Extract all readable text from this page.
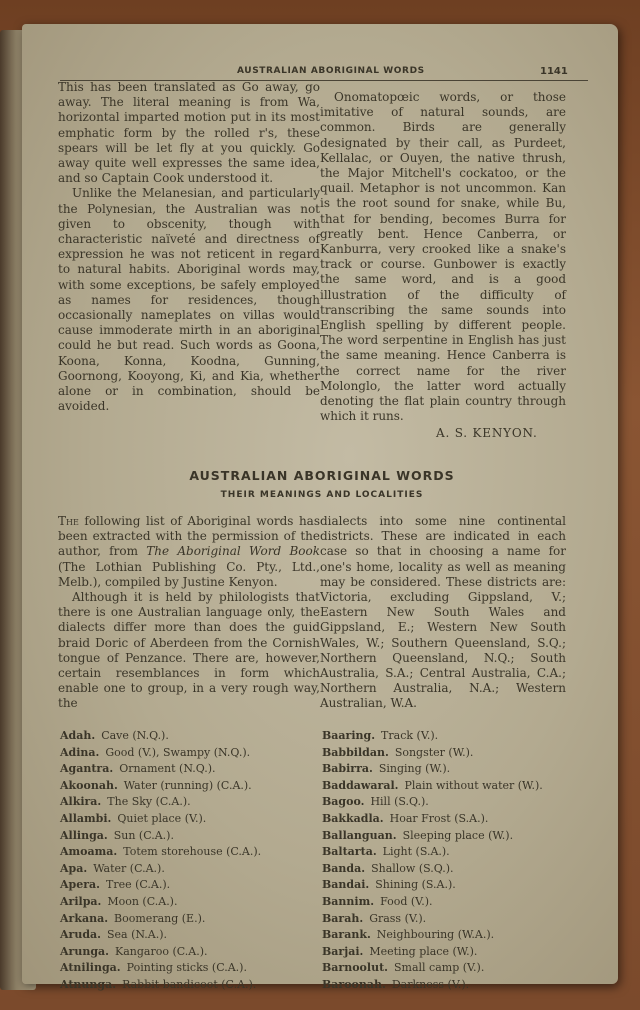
AUSTRALIAN ABORIGINAL WORDS	1141

This has been translated as Go away, go away. The literal meaning is from Wa, horizontal imparted motion put in its most emphatic form by the rolled r's, these spears will be let fly at you quickly. Go away quite well expresses the same idea, and so Captain Cook understood it.

Unlike the Melanesian, and particularly the Polynesian, the Australian was not given to obscenity, though with characteristic naïveté and directness of expression he was not reticent in regard to natural habits. Aboriginal words may, with some exceptions, be safely employed as names for residences, though occasionally nameplates on villas would cause immoderate mirth in an aboriginal could he but read. Such words as Goona, Koona, Konna, Koodna, Gunning, Goornong, Kooyong, Ki, and Kia, whether alone or in combination, should be avoided.

Onomatopœic words, or those imitative of natural sounds, are common. Birds are generally designated by their call, as Purdeet, Kellalac, or Ouyen, the native thrush, the Major Mitchell's cockatoo, or the quail. Metaphor is not uncommon. Kan is the root sound for snake, while Bu, that for bending, becomes Burra for greatly bent. Hence Canberra, or Kanburra, very crooked like a snake's track or course. Gunbower is exactly the same word, and is a good illustration of the difficulty of transcribing the same sounds into English spelling by different people. The word serpentine in English has just the same meaning. Hence Canberra is the correct name for the river Molonglo, the latter word actually denoting the flat plain country through which it runs.

A. S. KENYON.
AUSTRALIAN ABORIGINAL WORDS
THEIR MEANINGS AND LOCALITIES

The following list of Aboriginal words has been extracted with the permission of the author, from The Aboriginal Word Book (The Lothian Publishing Co. Pty., Ltd., Melb.), compiled by Justine Kenyon.

Although it is held by philologists that there is one Australian language only, the dialects differ more than does the guid braid Doric of Aberdeen from the Cornish tongue of Penzance. There are, however, certain resemblances in form which enable one to group, in a very rough way, the

dialects into some nine continental districts. These are indicated in each case so that in choosing a name for one's home, locality as well as meaning may be considered. These districts are: Victoria, excluding Gippsland, V.; Eastern New South Wales and Gippsland, E.; Western New South Wales, W.; Southern Queensland, S.Q.; Northern Queensland, N.Q.; South Australia, S.A.; Central Australia, C.A.; Northern Australia, N.A.; Western Australian, W.A.

Adah. Cave (N.Q.).
Adina. Good (V.), Swampy (N.Q.).
Agantra. Ornament (N.Q.).
Akoonah. Water (running) (C.A.).
Alkira. The Sky (C.A.).
Allambi. Quiet place (V.).
Allinga. Sun (C.A.).
Amoama. Totem storehouse (C.A.).
Apa. Water (C.A.).
Apera. Tree (C.A.).
Arilpa. Moon (C.A.).
Arkana. Boomerang (E.).
Aruda. Sea (N.A.).
Arunga. Kangaroo (C.A.).
Atnilinga. Pointing sticks (C.A.).
Atnunga. Rabbit bandicoot (C.A.).
Baaring. Track (V.).
Babbildan. Songster (W.).
Babirra. Singing (W.).
Baddawaral. Plain without water (W.).
Bagoo. Hill (S.Q.).
Bakkadla. Hoar Frost (S.A.).
Ballanguan. Sleeping place (W.).
Baltarta. Light (S.A.).
Banda. Shallow (S.Q.).
Bandai. Shining (S.A.).
Bannim. Food (V.).
Barah. Grass (V.).
Barank. Neighbouring (W.A.).
Barjai. Meeting place (W.).
Barnoolut. Small camp (V.).
Baroonah. Darkness (V.).
